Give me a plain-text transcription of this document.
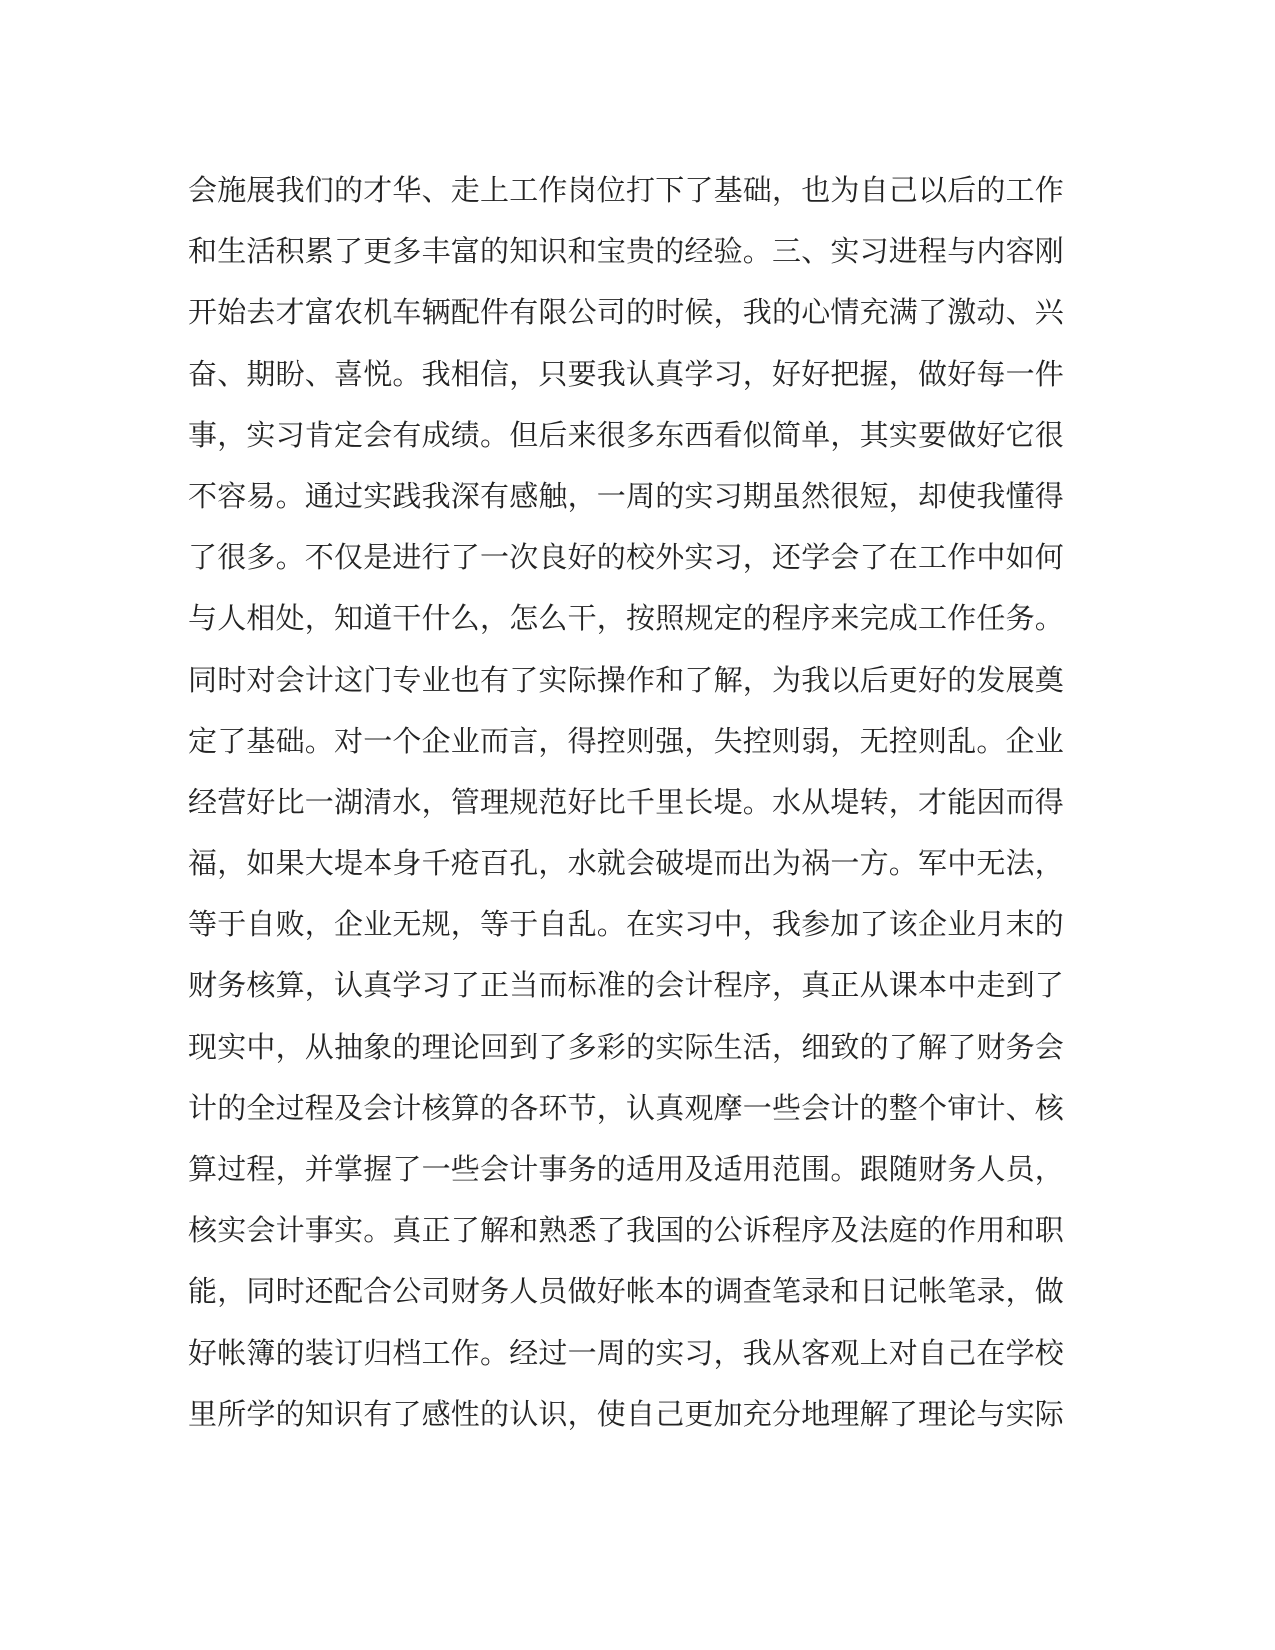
会施展我们的才华、走上工作岗位打下了基础，也为自己以后的工作
和生活积累了更多丰富的知识和宝贵的经验。三、实习进程与内容刚
开始去才富农机车辆配件有限公司的时候，我的心情充满了激动、兴
奋、期盼、喜悦。我相信，只要我认真学习，好好把握，做好每一件
事，实习肯定会有成绩。但后来很多东西看似简单，其实要做好它很
不容易。通过实践我深有感触，一周的实习期虽然很短，却使我懂得
了很多。不仅是进行了一次良好的校外实习，还学会了在工作中如何
与人相处，知道干什么，怎么干，按照规定的程序来完成工作任务。
同时对会计这门专业也有了实际操作和了解，为我以后更好的发展奠
定了基础。对一个企业而言，得控则强，失控则弱，无控则乱。企业
经营好比一湖清水，管理规范好比千里长堤。水从堤转，才能因而得
福，如果大堤本身千疮百孔，水就会破堤而出为祸一方。军中无法，
等于自败，企业无规，等于自乱。在实习中，我参加了该企业月末的
财务核算，认真学习了正当而标准的会计程序，真正从课本中走到了
现实中，从抽象的理论回到了多彩的实际生活，细致的了解了财务会
计的全过程及会计核算的各环节，认真观摩一些会计的整个审计、核
算过程，并掌握了一些会计事务的适用及适用范围。跟随财务人员，
核实会计事实。真正了解和熟悉了我国的公诉程序及法庭的作用和职
能，同时还配合公司财务人员做好帐本的调查笔录和日记帐笔录，做
好帐簿的装订归档工作。经过一周的实习，我从客观上对自己在学校
里所学的知识有了感性的认识，使自己更加充分地理解了理论与实际
